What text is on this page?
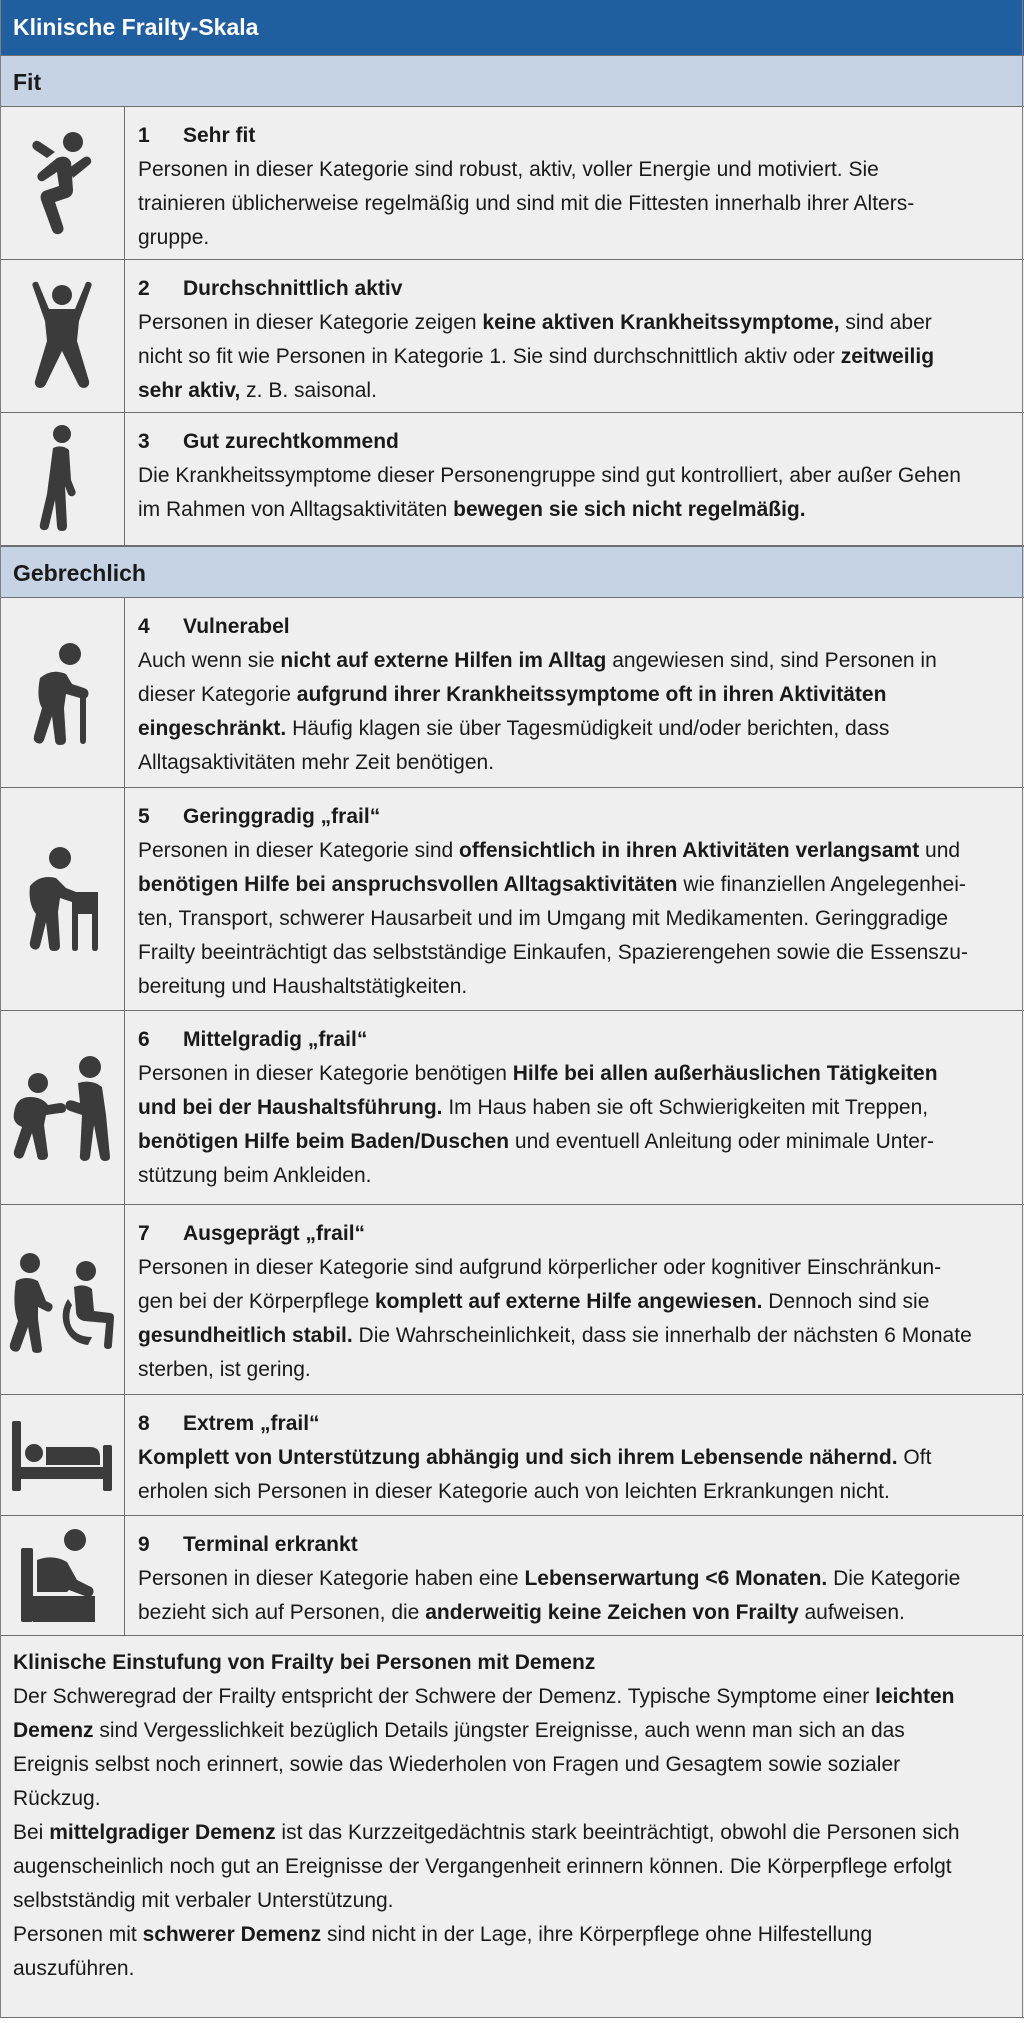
Klinische Frailty-Skala
Fit
1 Sehr fit
Personen in dieser Kategorie sind robust, aktiv, voller Energie und motiviert. Sie
trainieren üblicherweise regelmäßig und sind mit die Fittesten innerhalb ihrer Alters-
gruppe.
2 Durchschnittlich aktiv
Personen in dieser Kategorie zeigen keine aktiven Krankheitssymptome, sind aber
nicht so fit wie Personen in Kategorie 1. Sie sind durchschnittlich aktiv oder zeitweilig
sehr aktiv, z. B. saisonal.
3 Gut zurechtkommend
Die Krankheitssymptome dieser Personengruppe sind gut kontrolliert, aber außer Gehen
im Rahmen von Alltagsaktivitäten bewegen sie sich nicht regelmäßig.
Gebrechlich
4 Vulnerabel
Auch wenn sie nicht auf externe Hilfen im Alltag angewiesen sind, sind Personen in
dieser Kategorie aufgrund ihrer Krankheitssymptome oft in ihren Aktivitäten
eingeschränkt. Häufig klagen sie über Tagesmüdigkeit und/oder berichten, dass
Alltagsaktivitäten mehr Zeit benötigen.
5 Geringgradig „frail“
Personen in dieser Kategorie sind offensichtlich in ihren Aktivitäten verlangsamt und
benötigen Hilfe bei anspruchsvollen Alltagsaktivitäten wie finanziellen Angelegenhei-
ten, Transport, schwerer Hausarbeit und im Umgang mit Medikamenten. Geringgradige
Frailty beeinträchtigt das selbstständige Einkaufen, Spazierengehen sowie die Essenszu-
bereitung und Haushaltstätigkeiten.
6 Mittelgradig „frail“
Personen in dieser Kategorie benötigen Hilfe bei allen außerhäuslichen Tätigkeiten
und bei der Haushaltsführung. Im Haus haben sie oft Schwierigkeiten mit Treppen,
benötigen Hilfe beim Baden/Duschen und eventuell Anleitung oder minimale Unter-
stützung beim Ankleiden.
7 Ausgeprägt „frail“
Personen in dieser Kategorie sind aufgrund körperlicher oder kognitiver Einschränkun-
gen bei der Körperpflege komplett auf externe Hilfe angewiesen. Dennoch sind sie
gesundheitlich stabil. Die Wahrscheinlichkeit, dass sie innerhalb der nächsten 6 Monate
sterben, ist gering.
8 Extrem „frail“
Komplett von Unterstützung abhängig und sich ihrem Lebensende nähernd. Oft
erholen sich Personen in dieser Kategorie auch von leichten Erkrankungen nicht.
9 Terminal erkrankt
Personen in dieser Kategorie haben eine Lebenserwartung <6 Monaten. Die Kategorie
bezieht sich auf Personen, die anderweitig keine Zeichen von Frailty aufweisen.
Klinische Einstufung von Frailty bei Personen mit Demenz
Der Schweregrad der Frailty entspricht der Schwere der Demenz. Typische Symptome einer leichten
Demenz sind Vergesslichkeit bezüglich Details jüngster Ereignisse, auch wenn man sich an das
Ereignis selbst noch erinnert, sowie das Wiederholen von Fragen und Gesagtem sowie sozialer
Rückzug.
Bei mittelgradiger Demenz ist das Kurzzeitgedächtnis stark beeinträchtigt, obwohl die Personen sich
augenscheinlich noch gut an Ereignisse der Vergangenheit erinnern können. Die Körperpflege erfolgt
selbstständig mit verbaler Unterstützung.
Personen mit schwerer Demenz sind nicht in der Lage, ihre Körperpflege ohne Hilfestellung
auszuführen.
